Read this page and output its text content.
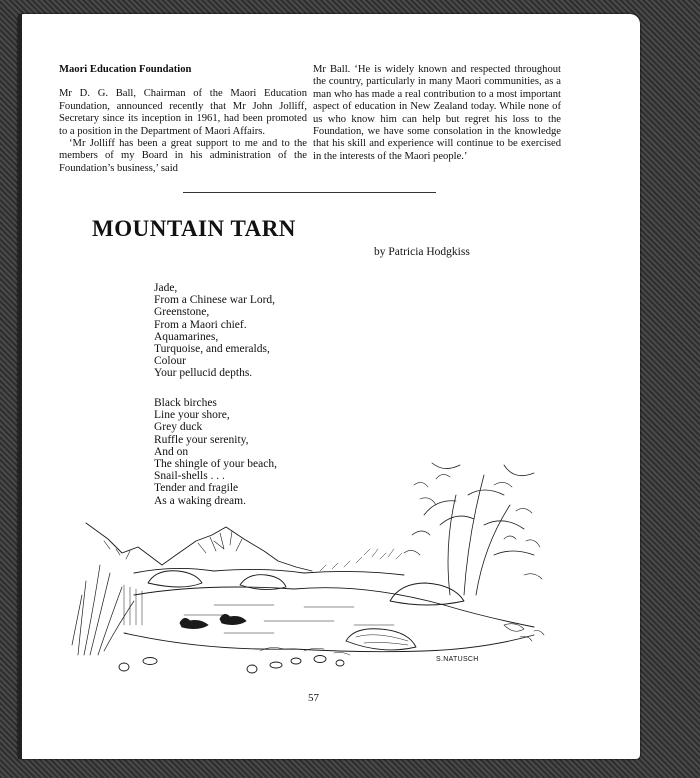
Maori Education Foundation

Mr D. G. Ball, Chairman of the Maori Education Foundation, announced recently that Mr John Jolliff, Secretary since its inception in 1961, had been promoted to a position in the Department of Maori Affairs.

‘Mr Jolliff has been a great support to me and to the members of my Board in his administration of the Foundation’s business,’ said

Mr Ball. ‘He is widely known and respected throughout the country, particularly in many Maori communities, as a man who has made a real contribution to a most important aspect of education in New Zealand today. While none of us who know him can help but regret his loss to the Foundation, we have some consolation in the knowledge that his skill and experience will continue to be exercised in the interests of the Maori people.’

MOUNTAIN TARN
by Patricia Hodgkiss
Jade,
From a Chinese war Lord,
Greenstone,
From a Maori chief.
Aquamarines,
Turquoise, and emeralds,
Colour
Your pellucid depths.
Black birches
Line your shore,
Grey duck
Ruffle your serenity,
And on
The shingle of your beach,
Snail-shells . . .
Tender and fragile
As a waking dream.
S.NATUSCH
57
